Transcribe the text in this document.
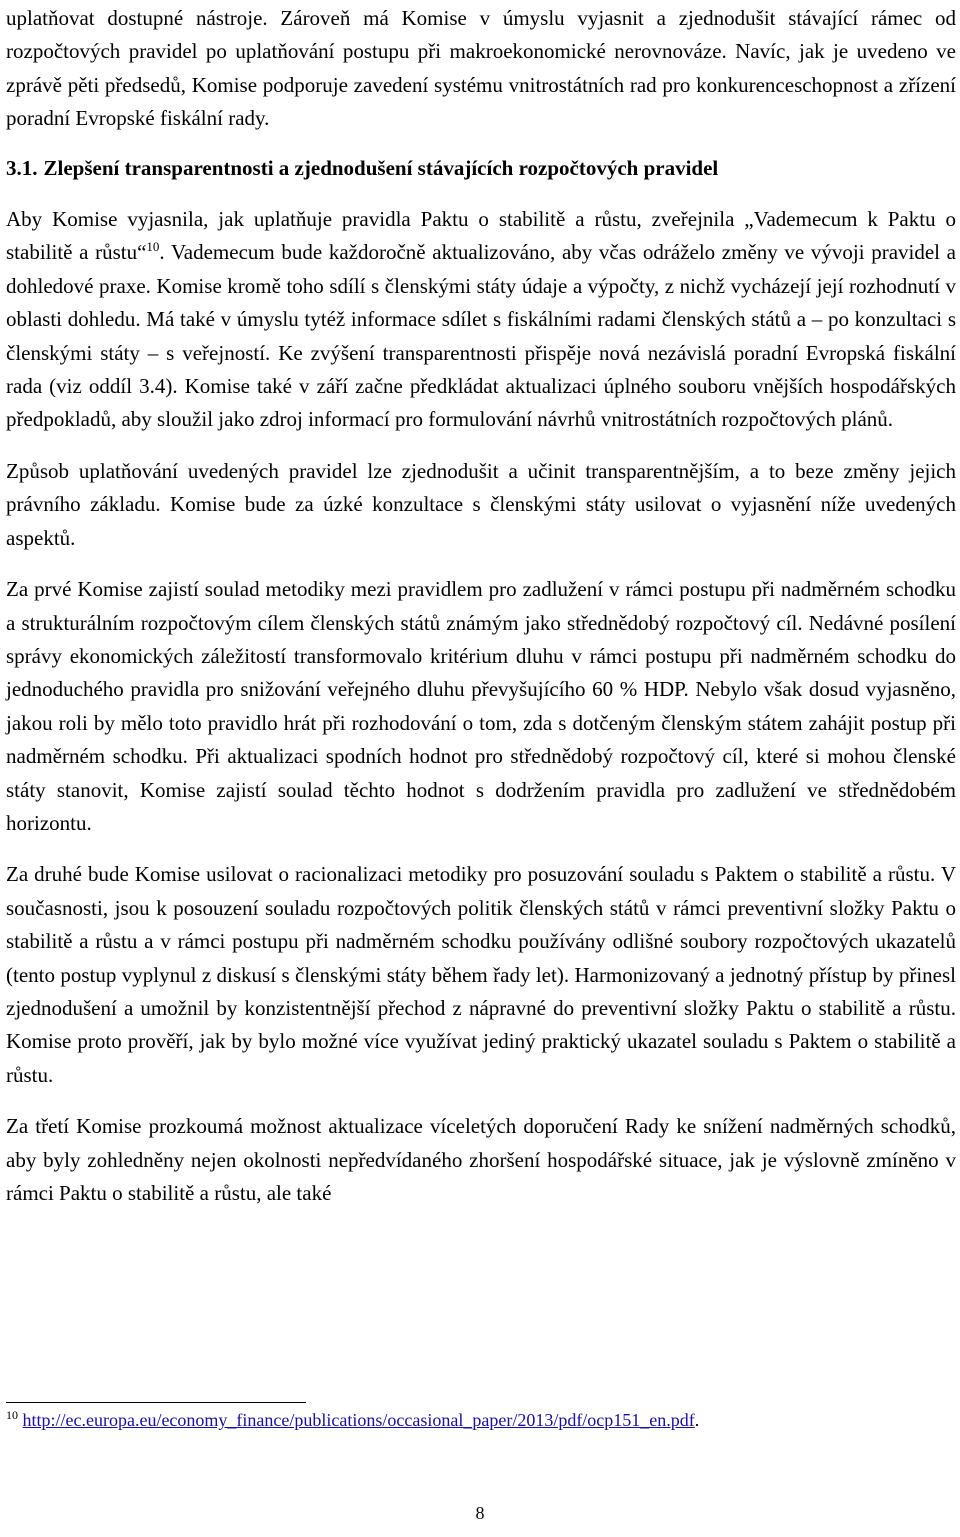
uplatňovat dostupné nástroje. Zároveň má Komise v úmyslu vyjasnit a zjednodušit stávající rámec od rozpočtových pravidel po uplatňování postupu při makroekonomické nerovnováze. Navíc, jak je uvedeno ve zprávě pěti předsedů, Komise podporuje zavedení systému vnitrostátních rad pro konkurenceschopnost a zřízení poradní Evropské fiskální rady.

3.1. Zlepšení transparentnosti a zjednodušení stávajících rozpočtových pravidel

Aby Komise vyjasnila, jak uplatňuje pravidla Paktu o stabilitě a růstu, zveřejnila „Vademecum k Paktu o stabilitě a růstu“$^{10}$. Vademecum bude každoročně aktualizováno, aby včas odráželo změny ve vývoji pravidel a dohledové praxe. Komise kromě toho sdílí s členskými státy údaje a výpočty, z nichž vycházejí její rozhodnutí v oblasti dohledu. Má také v úmyslu tytéž informace sdílet s fiskálními radami členských států a – po konzultaci s členskými státy – s veřejností. Ke zvýšení transparentnosti přispěje nová nezávislá poradní Evropská fiskální rada (viz oddíl 3.4). Komise také v září začne předkládat aktualizaci úplného souboru vnějších hospodářských předpokladů, aby sloužil jako zdroj informací pro formulování návrhů vnitrostátních rozpočtových plánů.

Způsob uplatňování uvedených pravidel lze zjednodušit a učinit transparentnějším, a to beze změny jejich právního základu. Komise bude za úzké konzultace s členskými státy usilovat o vyjasnění níže uvedených aspektů.

Za prvé Komise zajistí soulad metodiky mezi pravidlem pro zadlužení v rámci postupu při nadměrném schodku a strukturálním rozpočtovým cílem členských států známým jako střednědobý rozpočtový cíl. Nedávné posílení správy ekonomických záležitostí transformovalo kritérium dluhu v rámci postupu při nadměrném schodku do jednoduchého pravidla pro snižování veřejného dluhu převyšujícího 60 % HDP. Nebylo však dosud vyjasněno, jakou roli by mělo toto pravidlo hrát při rozhodování o tom, zda s dotčeným členským státem zahájit postup při nadměrném schodku. Při aktualizaci spodních hodnot pro střednědobý rozpočtový cíl, které si mohou členské státy stanovit, Komise zajistí soulad těchto hodnot s dodržením pravidla pro zadlužení ve střednědobém horizontu.

Za druhé bude Komise usilovat o racionalizaci metodiky pro posuzování souladu s Paktem o stabilitě a růstu. V současnosti, jsou k posouzení souladu rozpočtových politik členských států v rámci preventivní složky Paktu o stabilitě a růstu a v rámci postupu při nadměrném schodku používány odlišné soubory rozpočtových ukazatelů (tento postup vyplynul z diskusí s členskými státy během řady let). Harmonizovaný a jednotný přístup by přinesl zjednodušení a umožnil by konzistentnější přechod z nápravné do preventivní složky Paktu o stabilitě a růstu. Komise proto prověří, jak by bylo možné více využívat jediný praktický ukazatel souladu s Paktem o stabilitě a růstu.

Za třetí Komise prozkoumá možnost aktualizace víceletých doporučení Rady ke snížení nadměrných schodků, aby byly zohledněny nejen okolnosti nepředvídaného zhoršení hospodářské situace, jak je výslovně zmíněno v rámci Paktu o stabilitě a růstu, ale také

$^{10}$ http://ec.europa.eu/economy_finance/publications/occasional_paper/2013/pdf/ocp151_en.pdf.
8
